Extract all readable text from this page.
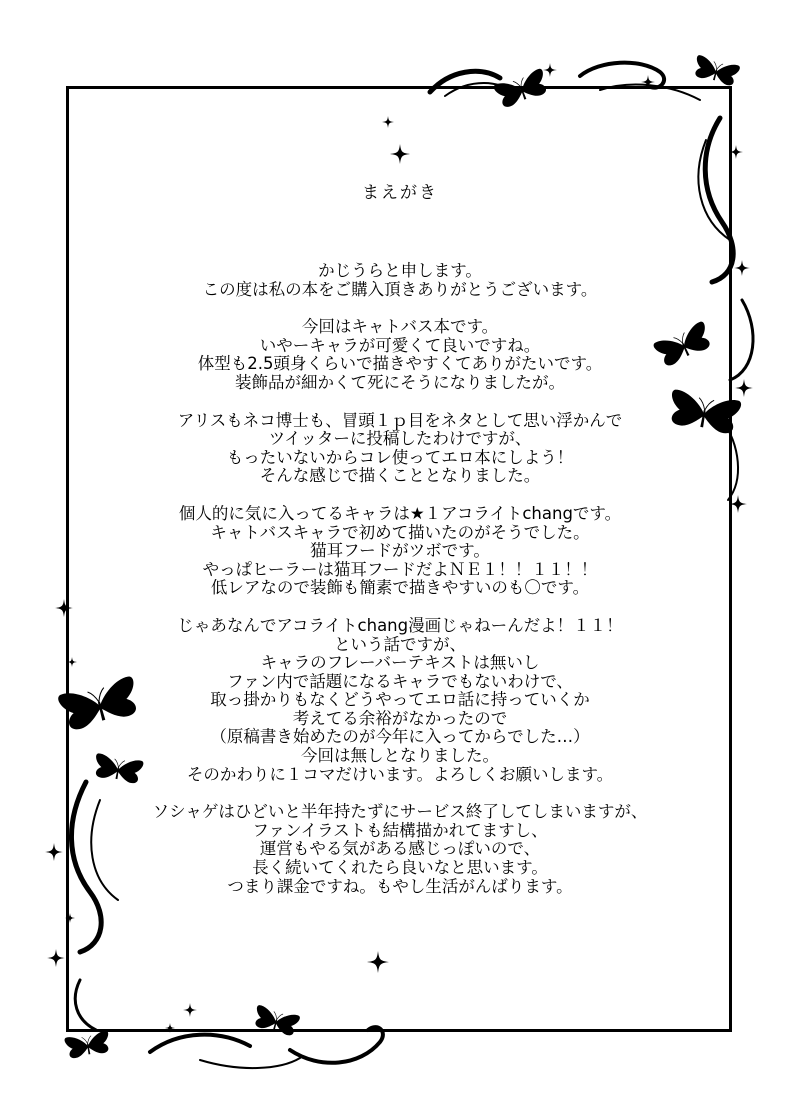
まえがき
かじうらと申します。
この度は私の本をご購入頂きありがとうございます。
今回はキャトバス本です。
いやーキャラが可愛くて良いですね。
体型も2.5頭身くらいで描きやすくてありがたいです。
装飾品が細かくて死にそうになりましたが。
アリスもネコ博士も、冒頭１ｐ目をネタとして思い浮かんで
ツイッターに投稿したわけですが、
もったいないからコレ使ってエロ本にしよう！
そんな感じで描くこととなりました。
個人的に気に入ってるキャラは★１アコライトchangです。
キャトバスキャラで初めて描いたのがそうでした。
猫耳フードがツボです。
やっぱヒーラーは猫耳フードだよＮＥ１！！１１！！
低レアなので装飾も簡素で描きやすいのも〇です。
じゃあなんでアコライトchang漫画じゃねーんだよ！１１！
という話ですが、
キャラのフレーバーテキストは無いし
ファン内で話題になるキャラでもないわけで、
取っ掛かりもなくどうやってエロ話に持っていくか
考えてる余裕がなかったので
（原稿書き始めたのが今年に入ってからでした…）
今回は無しとなりました。
そのかわりに１コマだけいます。よろしくお願いします。
ソシャゲはひどいと半年持たずにサービス終了してしまいますが、
ファンイラストも結構描かれてますし、
運営もやる気がある感じっぽいので、
長く続いてくれたら良いなと思います。
つまり課金ですね。もやし生活がんばります。
